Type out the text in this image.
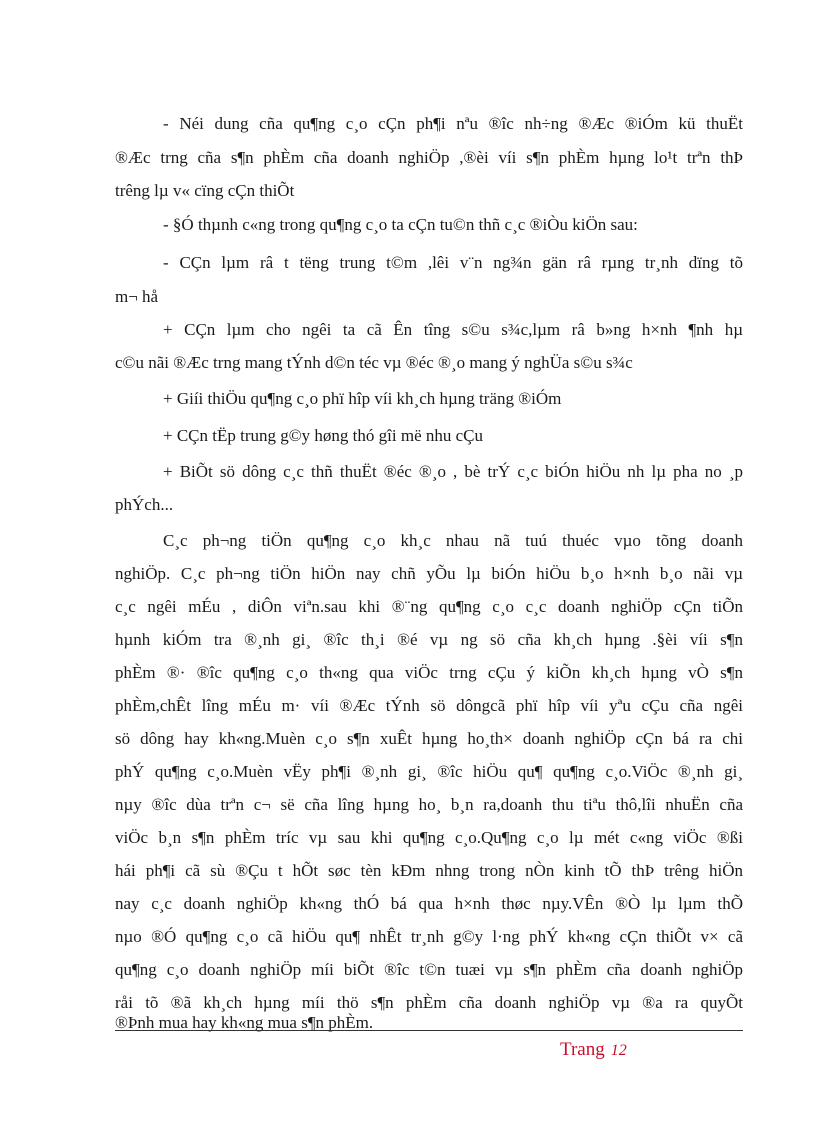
- Néi dung cña qu¶ng c¸o cÇn ph¶i nªu ®îc nh÷ng ®Æc ®iÓm kü thuËt
®Æc trng cña s¶n phÈm cña doanh nghiÖp ,®èi víi s¶n phÈm hµng lo¹t trªn thÞ
trêng lµ v« cïng cÇn thiÕt
- §Ó thµnh c«ng trong qu¶ng c¸o ta cÇn tu©n thñ c¸c ®iÒu kiÖn sau:
- CÇn lµm râ t tëng trung t©m ,lêi v¨n ng¾n gän râ rµng tr¸nh dïng tõ
m¬ hå
+ CÇn lµm cho ngêi ta cã Ên tîng s©u s¾c,lµm râ b»ng h×nh ¶nh hµ
c©u nãi ®Æc trng mang tÝnh d©n téc vµ ®éc ®¸o mang ý nghÜa s©u s¾c
+ Giíi thiÖu qu¶ng c¸o phï hîp víi kh¸ch hµng träng ®iÓm
+ CÇn tËp trung g©y høng thó gîi më nhu cÇu
+ BiÕt sö dông c¸c thñ thuËt ®éc ®¸o , bè trÝ c¸c biÓn hiÖu nh lµ pha no ¸p
phÝch...
C¸c ph¬ng tiÖn qu¶ng c¸o kh¸c nhau nã tuú thuéc vµo tõng doanh
nghiÖp. C¸c ph¬ng tiÖn hiÖn nay chñ yÕu lµ biÓn hiÖu b¸o h×nh b¸o nãi vµ
c¸c ngêi mÉu , diÔn viªn.sau khi ®¨ng qu¶ng c¸o c¸c doanh nghiÖp cÇn tiÕn
hµnh kiÓm tra ®¸nh gi¸ ®îc th¸i ®é vµ ng sö cña kh¸ch hµng .§èi víi s¶n
phÈm ®· ®îc qu¶ng c¸o th«ng qua viÖc trng cÇu ý kiÕn kh¸ch hµng vÒ s¶n
phÈm,chÊt lîng mÉu m· víi ®Æc tÝnh sö dôngcã phï hîp víi yªu cÇu cña ngêi
sö dông hay kh«ng.Muèn c¸o s¶n xuÊt hµng ho¸th× doanh nghiÖp cÇn bá ra chi
phÝ qu¶ng c¸o.Muèn vËy ph¶i ®¸nh gi¸ ®îc hiÖu qu¶ qu¶ng c¸o.ViÖc ®¸nh gi¸
nµy ®îc dùa trªn c¬ së cña lîng hµng ho¸ b¸n ra,doanh thu tiªu thô,lîi nhuËn cña
viÖc b¸n s¶n phÈm tríc vµ sau khi qu¶ng c¸o.Qu¶ng c¸o lµ mét c«ng viÖc ®ßi
hái ph¶i cã sù ®Çu t hÕt søc tèn kÐm nhng trong nÒn kinh tÕ thÞ trêng hiÖn
nay c¸c doanh nghiÖp kh«ng thÓ bá qua h×nh thøc nµy.VÊn ®Ò lµ lµm thÕ
nµo ®Ó qu¶ng c¸o cã hiÖu qu¶ nhÊt tr¸nh g©y l·ng phÝ kh«ng cÇn thiÕt v× cã
qu¶ng c¸o doanh nghiÖp míi biÕt ®îc t©n tuæi vµ s¶n phÈm cña doanh nghiÖp
råi tõ ®ã kh¸ch hµng míi thö s¶n phÈm cña doanh nghiÖp vµ ®a ra quyÕt
®Þnh mua hay kh«ng mua s¶n phÈm.
Trang 12
